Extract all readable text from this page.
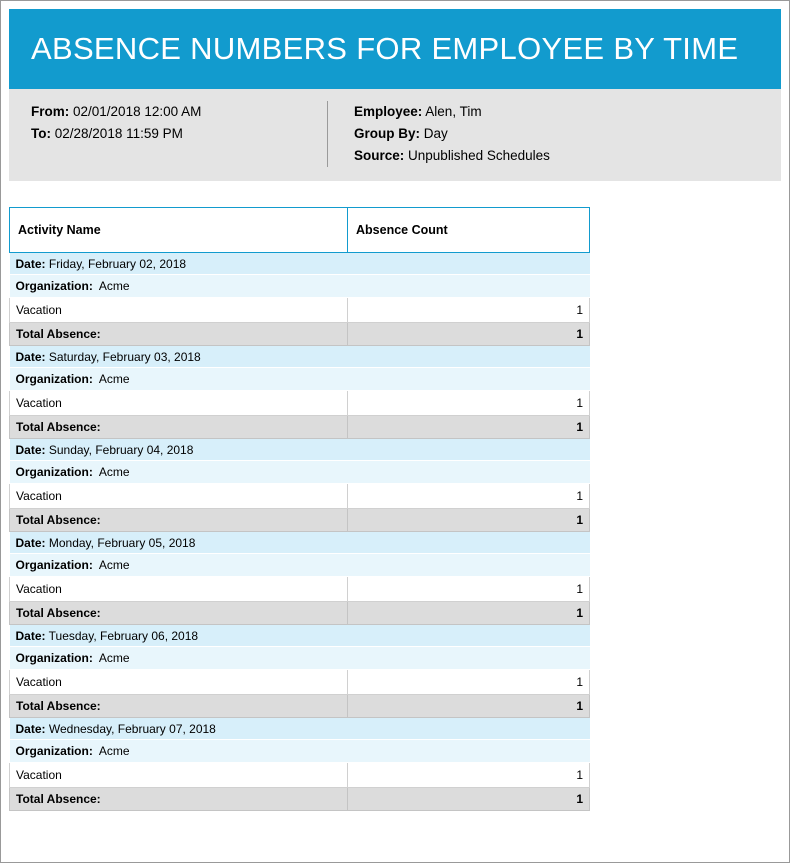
ABSENCE NUMBERS FOR EMPLOYEE BY TIME
From: 02/01/2018 12:00 AM
To: 02/28/2018 11:59 PM
Employee: Alen, Tim
Group By: Day
Source: Unpublished Schedules
Activity Name	Absence Count
Date: Friday, February 02, 2018	
Organization: Acme	
Vacation	1
Total Absence:	1
Date: Saturday, February 03, 2018	
Organization: Acme	
Vacation	1
Total Absence:	1
Date: Sunday, February 04, 2018	
Organization: Acme	
Vacation	1
Total Absence:	1
Date: Monday, February 05, 2018	
Organization: Acme	
Vacation	1
Total Absence:	1
Date: Tuesday, February 06, 2018	
Organization: Acme	
Vacation	1
Total Absence:	1
Date: Wednesday, February 07, 2018	
Organization: Acme	
Vacation	1
Total Absence:	1
